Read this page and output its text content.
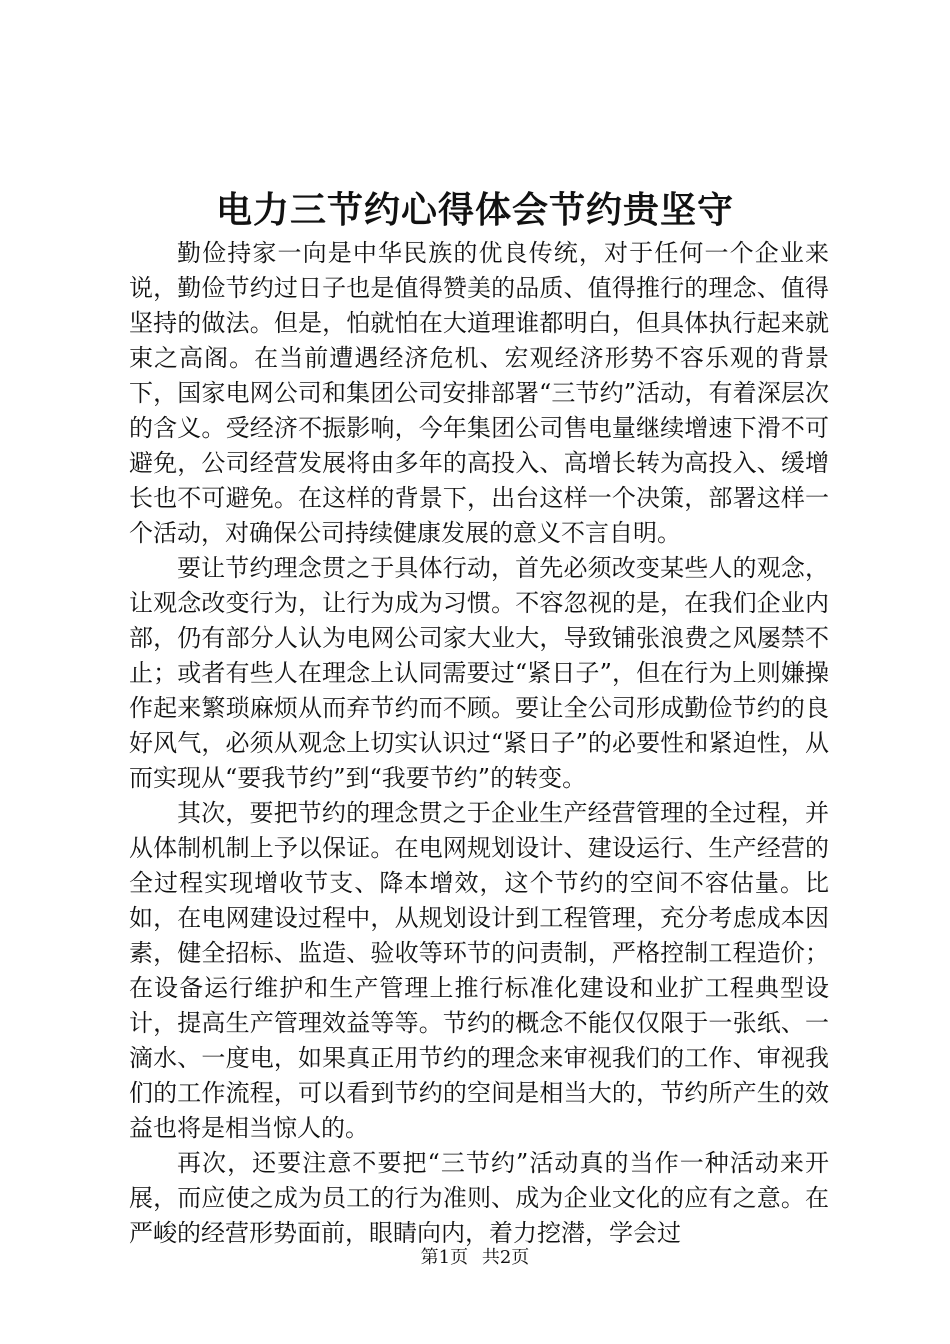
电力三节约心得体会节约贵坚守

勤俭持家一向是中华民族的优良传统，对于任何一个企业来说，勤俭节约过日子也是值得赞美的品质、值得推行的理念、值得坚持的做法。但是，怕就怕在大道理谁都明白，但具体执行起来就束之高阁。在当前遭遇经济危机、宏观经济形势不容乐观的背景下，国家电网公司和集团公司安排部署“三节约”活动，有着深层次的含义。受经济不振影响，今年集团公司售电量继续增速下滑不可避免，公司经营发展将由多年的高投入、高增长转为高投入、缓增长也不可避免。在这样的背景下，出台这样一个决策，部署这样一个活动，对确保公司持续健康发展的意义不言自明。

要让节约理念贯之于具体行动，首先必须改变某些人的观念，让观念改变行为，让行为成为习惯。不容忽视的是，在我们企业内部，仍有部分人认为电网公司家大业大，导致铺张浪费之风屡禁不止；或者有些人在理念上认同需要过“紧日子”，但在行为上则嫌操作起来繁琐麻烦从而弃节约而不顾。要让全公司形成勤俭节约的良好风气，必须从观念上切实认识过“紧日子”的必要性和紧迫性，从而实现从“要我节约”到“我要节约”的转变。

其次，要把节约的理念贯之于企业生产经营管理的全过程，并从体制机制上予以保证。在电网规划设计、建设运行、生产经营的全过程实现增收节支、降本增效，这个节约的空间不容估量。比如，在电网建设过程中，从规划设计到工程管理，充分考虑成本因素，健全招标、监造、验收等环节的问责制，严格控制工程造价；在设备运行维护和生产管理上推行标准化建设和业扩工程典型设计，提高生产管理效益等等。节约的概念不能仅仅限于一张纸、一滴水、一度电，如果真正用节约的理念来审视我们的工作、审视我们的工作流程，可以看到节约的空间是相当大的，节约所产生的效益也将是相当惊人的。

再次，还要注意不要把“三节约”活动真的当作一种活动来开展，而应使之成为员工的行为准则、成为企业文化的应有之意。在严峻的经营形势面前，眼睛向内，着力挖潜，学会过

第1页 共2页
